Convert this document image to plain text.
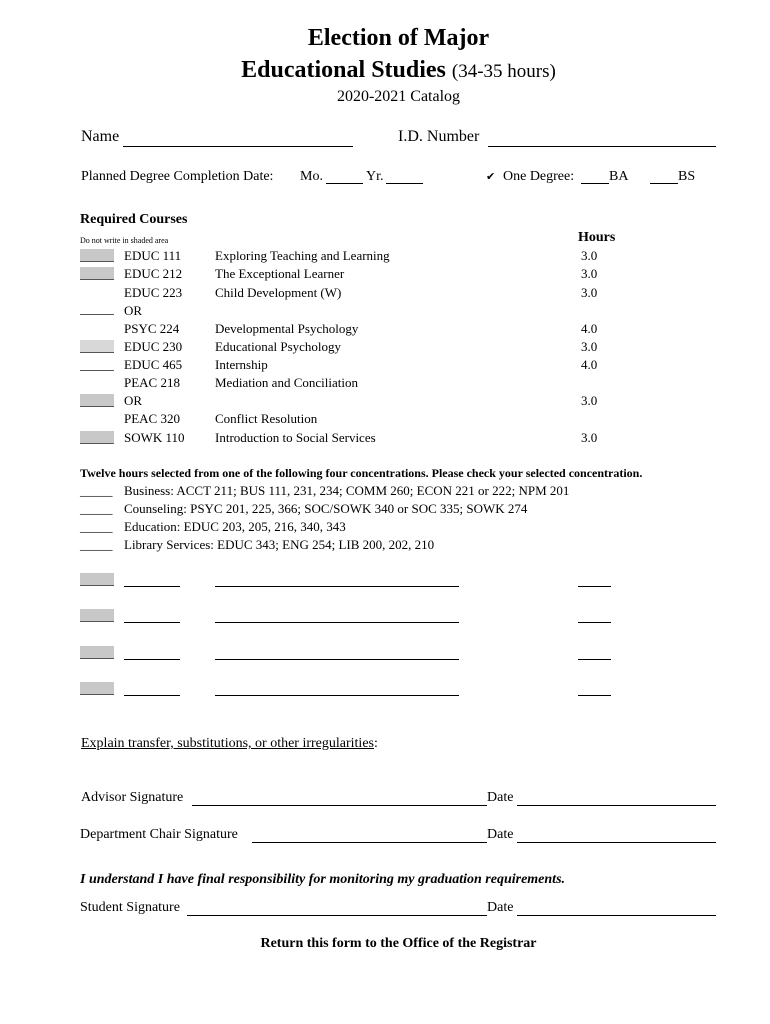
Election of Major
Educational Studies (34-35 hours)
2020-2021 Catalog
Name	I.D. Number
Planned Degree Completion Date: Mo.	Yr.	✔ One Degree: BA	BS
Required Courses
Do not write in shaded area	Hours
EDUC 111	Exploring Teaching and Learning	3.0
EDUC 212	The Exceptional Learner	3.0
EDUC 223	Child Development (W)	3.0
OR
PSYC 224	Developmental Psychology	4.0
EDUC 230	Educational Psychology	3.0
EDUC 465	Internship	4.0
PEAC 218	Mediation and Conciliation
OR	3.0
PEAC 320	Conflict Resolution
SOWK 110 Introduction to Social Services	3.0
Twelve hours selected from one of the following four concentrations. Please check your selected concentration.
_____ Business: ACCT 211; BUS 111, 231, 234; COMM 260; ECON 221 or 222; NPM 201
_____ Counseling: PSYC 201, 225, 366; SOC/SOWK 340 or SOC 335; SOWK 274
_____ Education: EDUC 203, 205, 216, 340, 343
_____ Library Services: EDUC 343; ENG 254; LIB 200, 202, 210
Explain transfer, substitutions, or other irregularities:
Advisor Signature	Date
Department Chair Signature	Date
I understand I have final responsibility for monitoring my graduation requirements.
Student Signature	Date
Return this form to the Office of the Registrar
